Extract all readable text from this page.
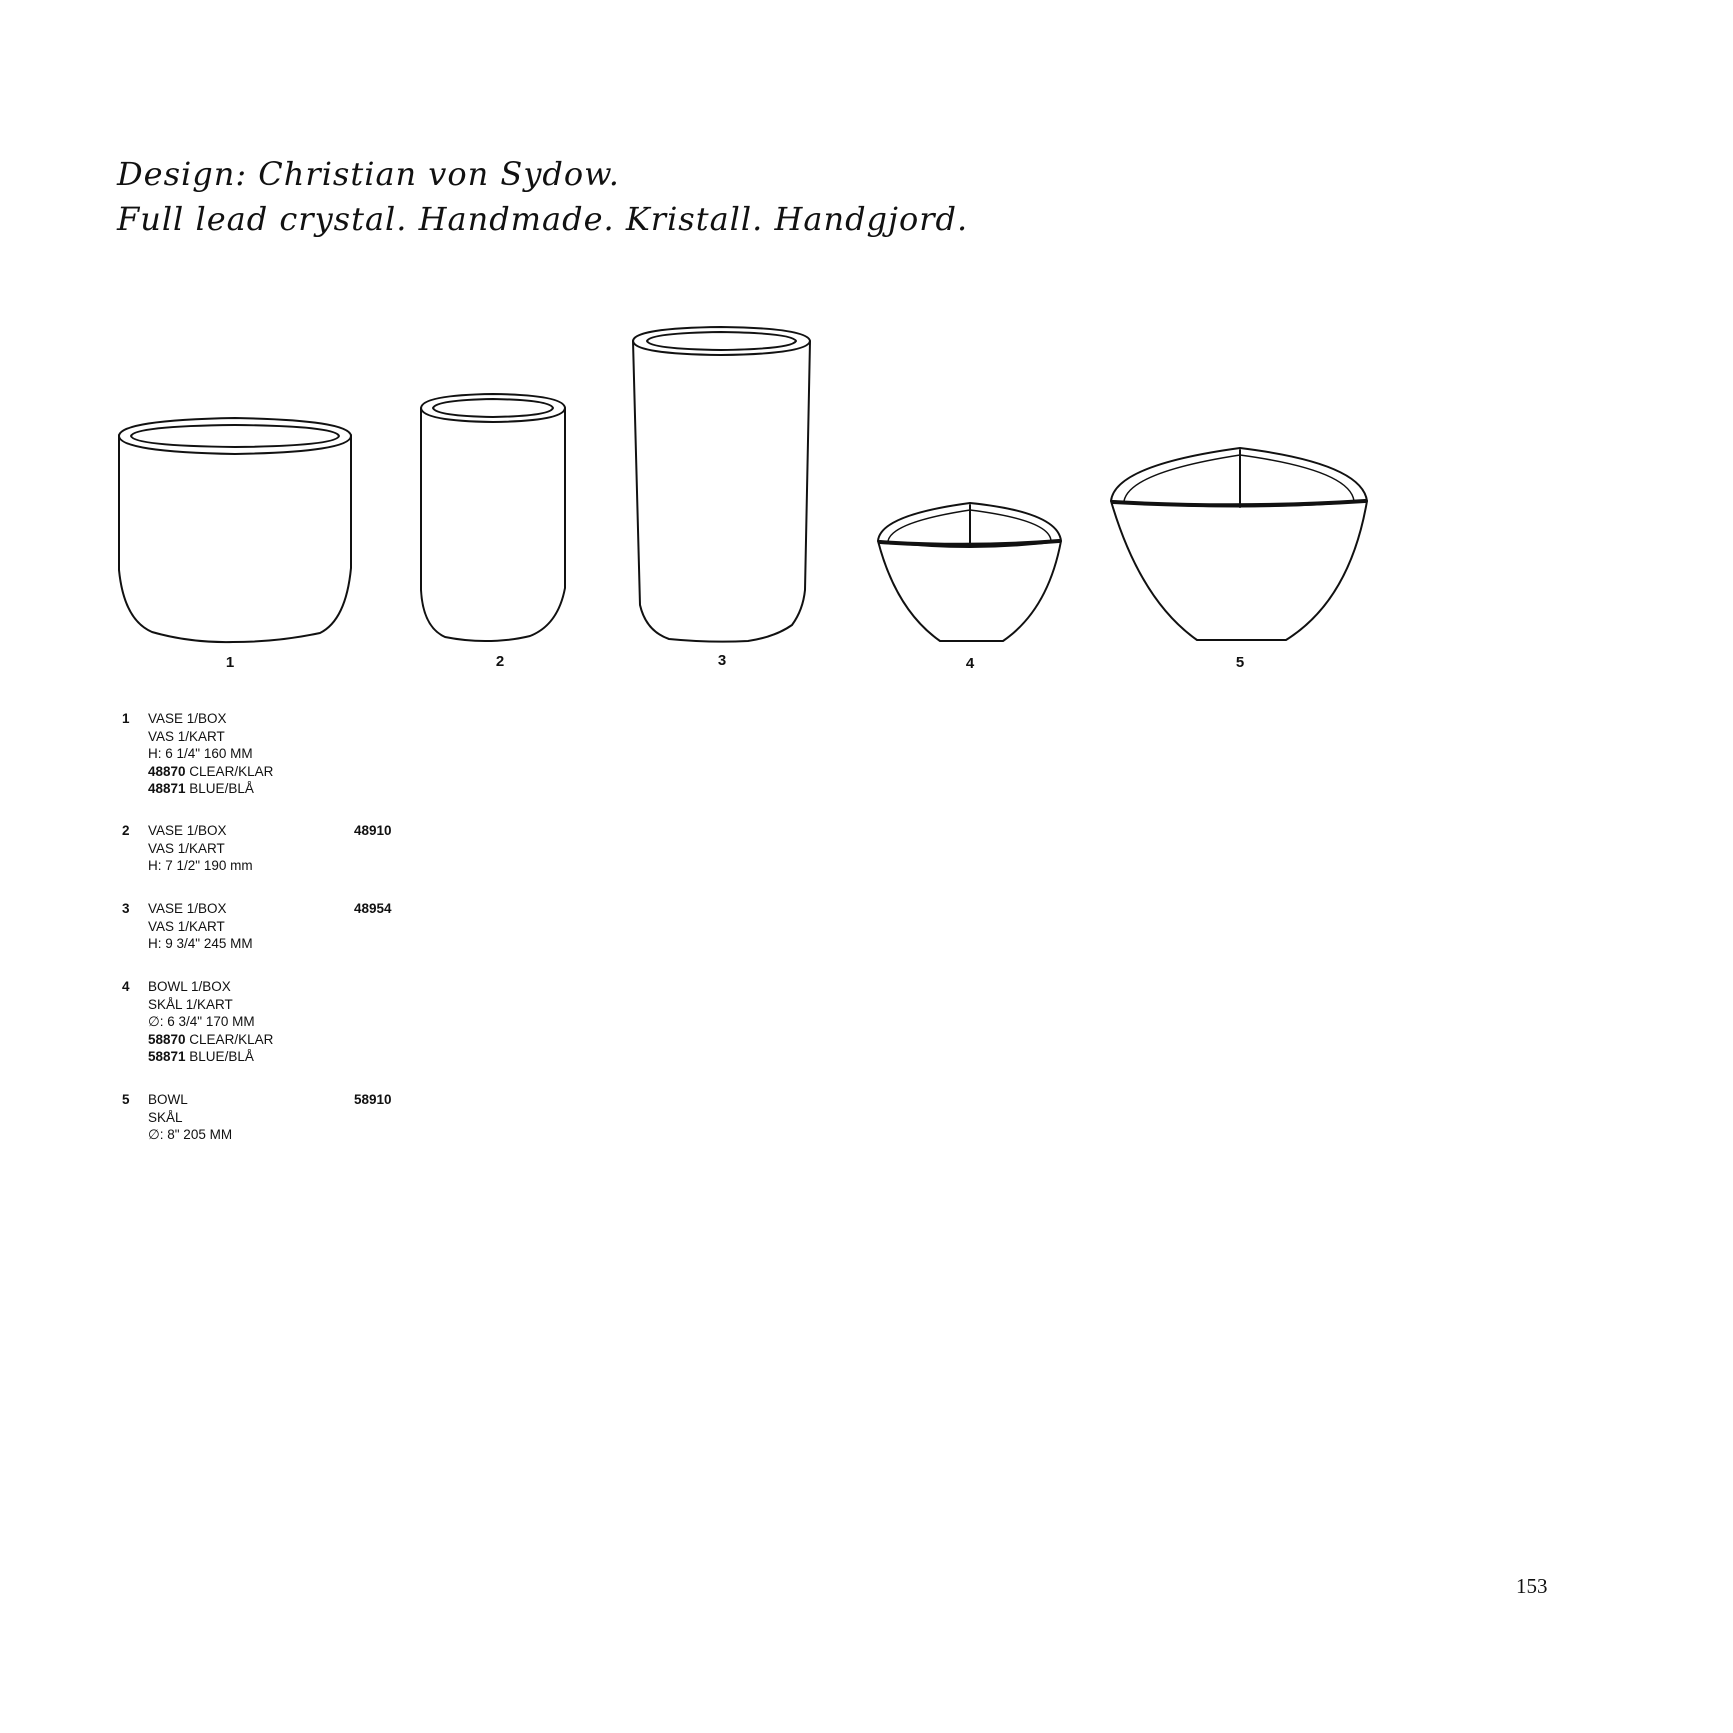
Design: Christian von Sydow.
Full lead crystal. Handmade. Kristall. Handgjord.
1	2	3	4	5
1 VASE 1/BOX
VAS 1/KART
H: 6 1/4" 160 MM
48870 CLEAR/KLAR
48871 BLUE/BLÅ
2 VASE 1/BOX
VAS 1/KART
H: 7 1/2" 190 mm
48910
3 VASE 1/BOX
VAS 1/KART
H: 9 3/4" 245 MM
48954
4 BOWL 1/BOX
SKÅL 1/KART
∅: 6 3/4" 170 MM
58870 CLEAR/KLAR
58871 BLUE/BLÅ
5 BOWL
SKÅL
∅: 8" 205 MM
58910
153
